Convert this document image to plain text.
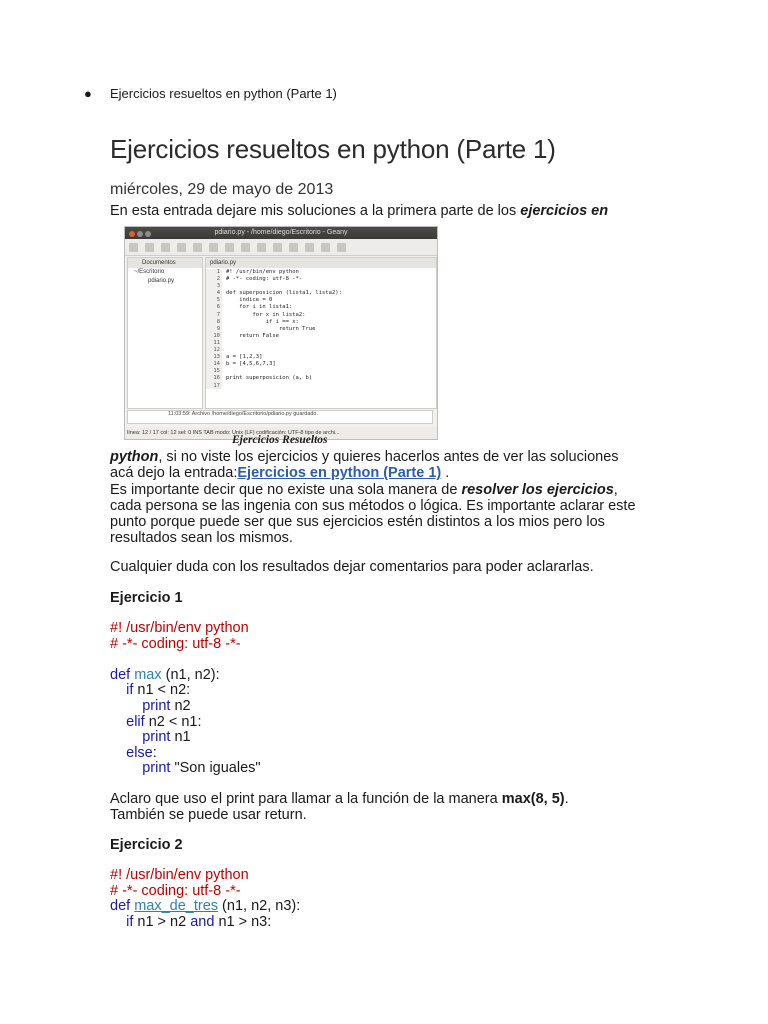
● Ejercicios resueltos en python (Parte 1)
Ejercicios resueltos en python (Parte 1)
miércoles, 29 de mayo de 2013
En esta entrada dejare mis soluciones a la primera parte de los ejercicios en
pdiario.py - /home/diego/Escritorio - Geany
Documentos
~/Escritorio
pdiario.py
pdiario.py
1
2
3
4
5
6
7
8
9
10
11
12
13
14
15
16
17
#! /usr/bin/env python
# -*- coding: utf-8 -*-

def superposicion (lista1, lista2):
indice = 0
for i in lista1:
for x in lista2:
if i == x:
return True
return False

a = [1,2,3]
b = [4,5,6,7,3]

print superposicion (a, b)

11:03:59: Archivo /home/diego/Escritorio/pdiario.py guardado.
línea: 12 / 17 col: 12 sel: 0 INS TAB modo: Unix (LF) codificación: UTF-8 tipo de archi...
Ejercicios Resueltos
python, si no viste los ejercicios y quieres hacerlos antes de ver las soluciones
acá dejo la entrada:Ejercicios en python (Parte 1) .
Es importante decir que no existe una sola manera de resolver los ejercicios,
cada persona se las ingenia con sus métodos o lógica. Es importante aclarar este
punto porque puede ser que sus ejercicios estén distintos a los mios pero los
resultados sean los mismos.
Cualquier duda con los resultados dejar comentarios para poder aclararlas.
Ejercicio 1
#! /usr/bin/env python
# -*- coding: utf-8 -*-

def max (n1, n2):
if n1 < n2:
print n2
elif n2 < n1:
print n1
else:
print "Son iguales"
Aclaro que uso el print para llamar a la función de la manera max(8, 5).
También se puede usar return.
Ejercicio 2
#! /usr/bin/env python
# -*- coding: utf-8 -*-
def max_de_tres (n1, n2, n3):
if n1 > n2 and n1 > n3:
